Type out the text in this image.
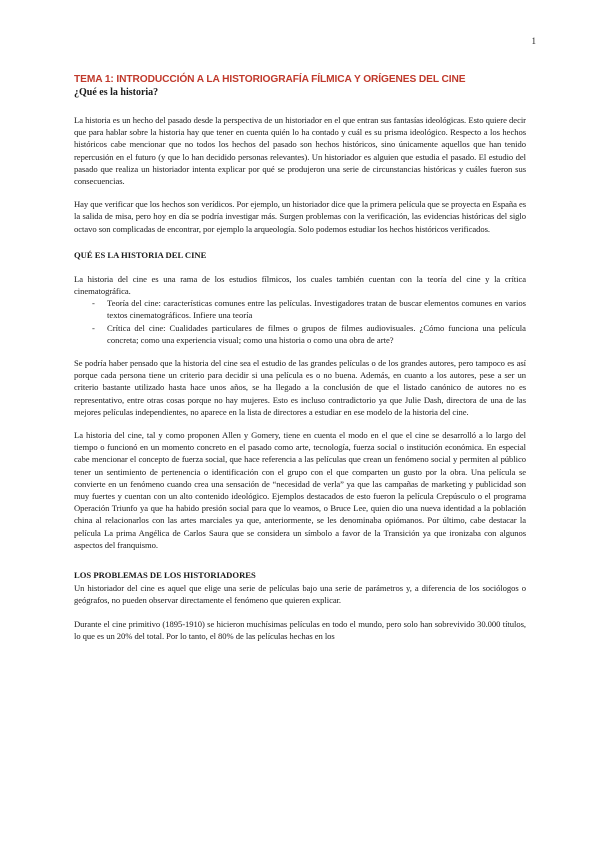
1
TEMA 1: INTRODUCCIÓN A LA HISTORIOGRAFÍA FÍLMICA Y ORÍGENES DEL CINE
¿Qué es la historia?

La historia es un hecho del pasado desde la perspectiva de un historiador en el que entran sus fantasías ideológicas. Esto quiere decir que para hablar sobre la historia hay que tener en cuenta quién lo ha contado y cuál es su prisma ideológico. Respecto a los hechos históricos cabe mencionar que no todos los hechos del pasado son hechos históricos, sino únicamente aquellos que han tenido repercusión en el futuro (y que lo han decidido personas relevantes). Un historiador es alguien que estudia el pasado. El estudio del pasado que realiza un historiador intenta explicar por qué se produjeron una serie de circunstancias históricas y cuáles fueron sus consecuencias.

Hay que verificar que los hechos son verídicos. Por ejemplo, un historiador dice que la primera película que se proyecta en España es la salida de misa, pero hoy en día se podría investigar más. Surgen problemas con la verificación, las evidencias históricas del siglo octavo son complicadas de encontrar, por ejemplo la arqueología. Solo podemos estudiar los hechos históricos verificados.

QUÉ ES LA HISTORIA DEL CINE

La historia del cine es una rama de los estudios fílmicos, los cuales también cuentan con la teoría del cine y la crítica cinematográfica.

- Teoría del cine: características comunes entre las películas. Investigadores tratan de buscar elementos comunes en varios textos cinematográficos. Infiere una teoría
- Crítica del cine: Cualidades particulares de filmes o grupos de filmes audiovisuales. ¿Cómo funciona una película concreta; como una experiencia visual; como una historia o como una obra de arte?

Se podría haber pensado que la historia del cine sea el estudio de las grandes películas o de los grandes autores, pero tampoco es así porque cada persona tiene un criterio para decidir si una película es o no buena. Además, en cuanto a los autores, pese a ser un criterio bastante utilizado hasta hace unos años, se ha llegado a la conclusión de que el listado canónico de autores no es representativo, entre otras cosas porque no hay mujeres. Esto es incluso contradictorio ya que Julie Dash, directora de una de las mejores películas independientes, no aparece en la lista de directores a estudiar en ese modelo de la historia del cine.

La historia del cine, tal y como proponen Allen y Gomery, tiene en cuenta el modo en el que el cine se desarrolló a lo largo del tiempo o funcionó en un momento concreto en el pasado como arte, tecnología, fuerza social o institución económica. En especial cabe mencionar el concepto de fuerza social, que hace referencia a las películas que crean un fenómeno social y permiten al público tener un sentimiento de pertenencia o identificación con el grupo con el que comparten un gusto por la obra. Una película se convierte en un fenómeno cuando crea una sensación de “necesidad de verla” ya que las campañas de marketing y publicidad son muy fuertes y cuentan con un alto contenido ideológico. Ejemplos destacados de esto fueron la película Crepúsculo o el programa Operación Triunfo ya que ha habido presión social para que lo veamos, o Bruce Lee, quien dio una nueva identidad a la población china al relacionarlos con las artes marciales ya que, anteriormente, se les denominaba opiómanos. Por último, cabe destacar la película La prima Angélica de Carlos Saura que se considera un símbolo a favor de la Transición ya que ironizaba con algunos aspectos del franquismo.

LOS PROBLEMAS DE LOS HISTORIADORES

Un historiador del cine es aquel que elige una serie de películas bajo una serie de parámetros y, a diferencia de los sociólogos o geógrafos, no pueden observar directamente el fenómeno que quieren explicar.

Durante el cine primitivo (1895-1910) se hicieron muchísimas películas en todo el mundo, pero solo han sobrevivido 30.000 títulos, lo que es un 20% del total. Por lo tanto, el 80% de las películas hechas en los
